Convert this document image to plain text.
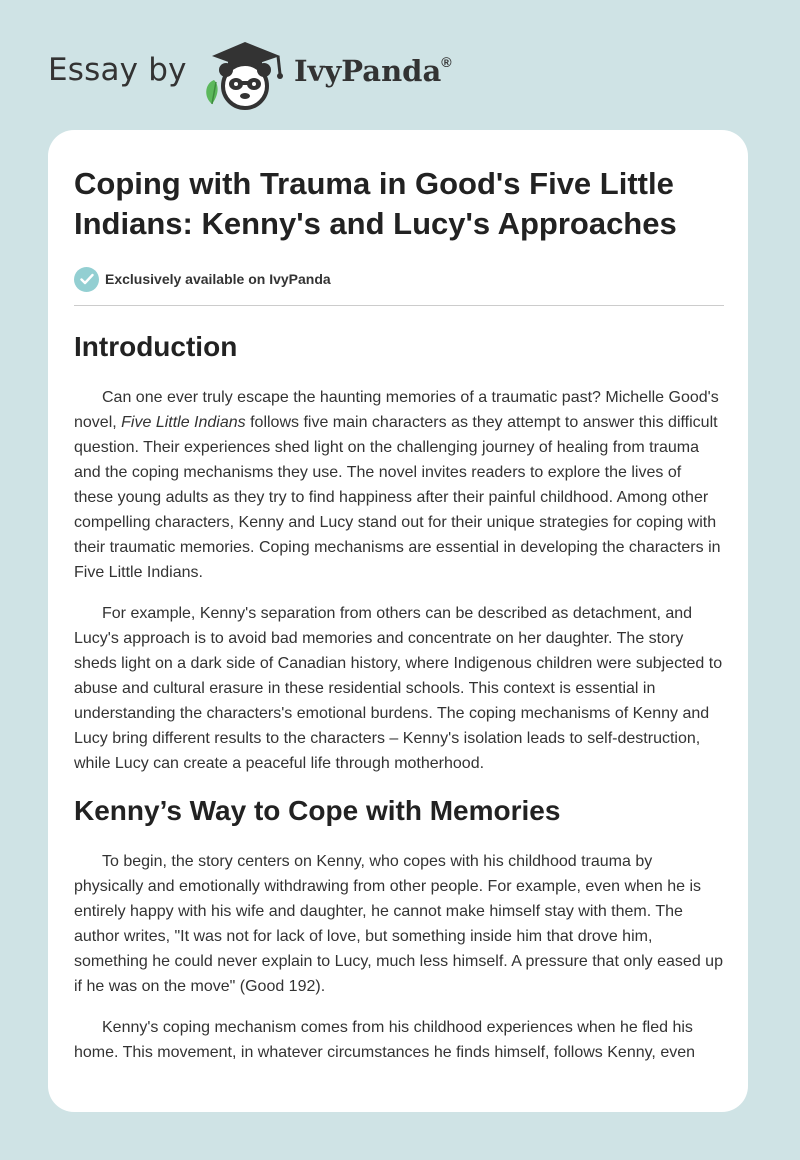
Essay by	IvyPanda®
Coping with Trauma in Good's Five Little Indians: Kenny's and Lucy's Approaches
Exclusively available on IvyPanda
Introduction

Can one ever truly escape the haunting memories of a traumatic past? Michelle Good's novel, Five Little Indians follows five main characters as they attempt to answer this difficult question. Their experiences shed light on the challenging journey of healing from trauma and the coping mechanisms they use. The novel invites readers to explore the lives of these young adults as they try to find happiness after their painful childhood. Among other compelling characters, Kenny and Lucy stand out for their unique strategies for coping with their traumatic memories. Coping mechanisms are essential in developing the characters in Five Little Indians.

For example, Kenny's separation from others can be described as detachment, and Lucy's approach is to avoid bad memories and concentrate on her daughter. The story sheds light on a dark side of Canadian history, where Indigenous children were subjected to abuse and cultural erasure in these residential schools. This context is essential in understanding the characters's emotional burdens. The coping mechanisms of Kenny and Lucy bring different results to the characters – Kenny's isolation leads to self-destruction, while Lucy can create a peaceful life through motherhood.

Kenny’s Way to Cope with Memories

To begin, the story centers on Kenny, who copes with his childhood trauma by physically and emotionally withdrawing from other people. For example, even when he is entirely happy with his wife and daughter, he cannot make himself stay with them. The author writes, "It was not for lack of love, but something inside him that drove him, something he could never explain to Lucy, much less himself. A pressure that only eased up if he was on the move" (Good 192).

Kenny's coping mechanism comes from his childhood experiences when he fled his home. This movement, in whatever circumstances he finds himself, follows Kenny, even
